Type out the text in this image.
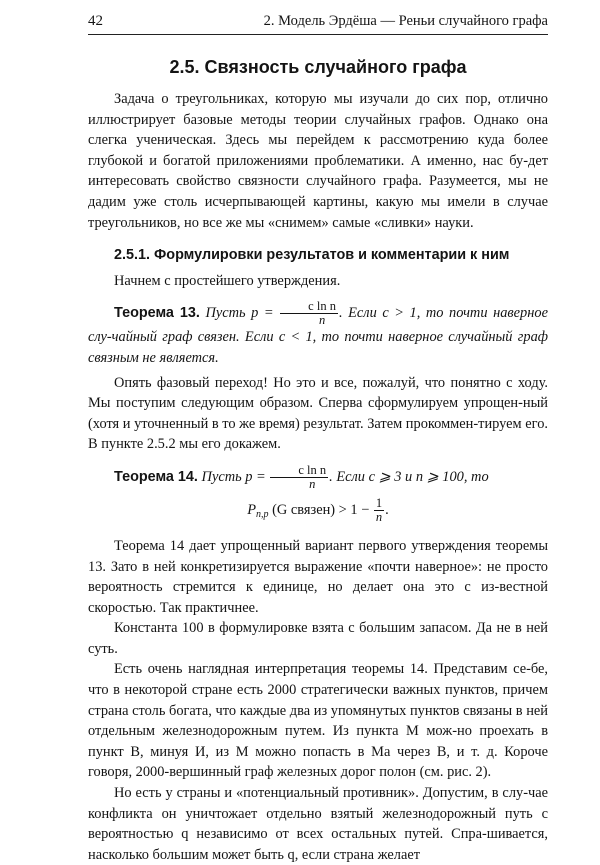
42	2. Модель Эрдёша — Реньи случайного графа
2.5. Связность случайного графа

Задача о треугольниках, которую мы изучали до сих пор, отлично иллюстрирует базовые методы теории случайных графов. Однако она слегка ученическая. Здесь мы перейдем к рассмотрению куда более глубокой и богатой приложениями проблематики. А именно, нас бу-дет интересовать свойство связности случайного графа. Разумеется, мы не дадим уже столь исчерпывающей картины, какую мы имели в случае треугольников, но все же мы «снимем» самые «сливки» науки.

2.5.1. Формулировки результатов и комментарии к ним

Начнем с простейшего утверждения.

Теорема 13. Пусть $p = \frac{\text{c ln n}}{n}$ . Если c > 1, то почти наверное слу-чайный граф связен. Если c < 1, то почти наверное случайный граф связным не является.

Опять фазовый переход! Но это и все, пожалуй, что понятно с ходу. Мы поступим следующим образом. Сперва сформулируем упрощен-ный (хотя и уточненный в то же время) результат. Затем прокоммен-тируем его. В пункте 2.5.2 мы его докажем.

Теорема 14. Пусть $p = \frac{\text{c ln n}}{n}$ . Если c ⩾ 3 и n ⩾ 100, то

$P_{n,p}$ (G связен) > $1 - \frac{1}{n}$ .

Теорема 14 дает упрощенный вариант первого утверждения теоремы 13. Зато в ней конкретизируется выражение «почти наверное»: не просто вероятность стремится к единице, но делает она это с из-вестной скоростью. Так практичнее.

Константа 100 в формулировке взята с большим запасом. Да не в ней суть.

Есть очень наглядная интерпретация теоремы 14. Представим се-бе, что в некоторой стране есть 2000 стратегически важных пунктов, причем страна столь богата, что каждые два из упомянутых пунктов связаны в ней отдельным железнодорожным путем. Из пункта M мож-но проехать в пункт B, минуя И, из M можно попасть в Ма через В, и т. д. Короче говоря, 2000-вершинный граф железных дорог полон (см. рис. 2).

Но есть у страны и «потенциальный противник». Допустим, в слу-чае конфликта он уничтожает отдельно взятый железнодорожный путь с вероятностью q независимо от всех остальных путей. Спра-шивается, насколько большим может быть q, если страна желает
